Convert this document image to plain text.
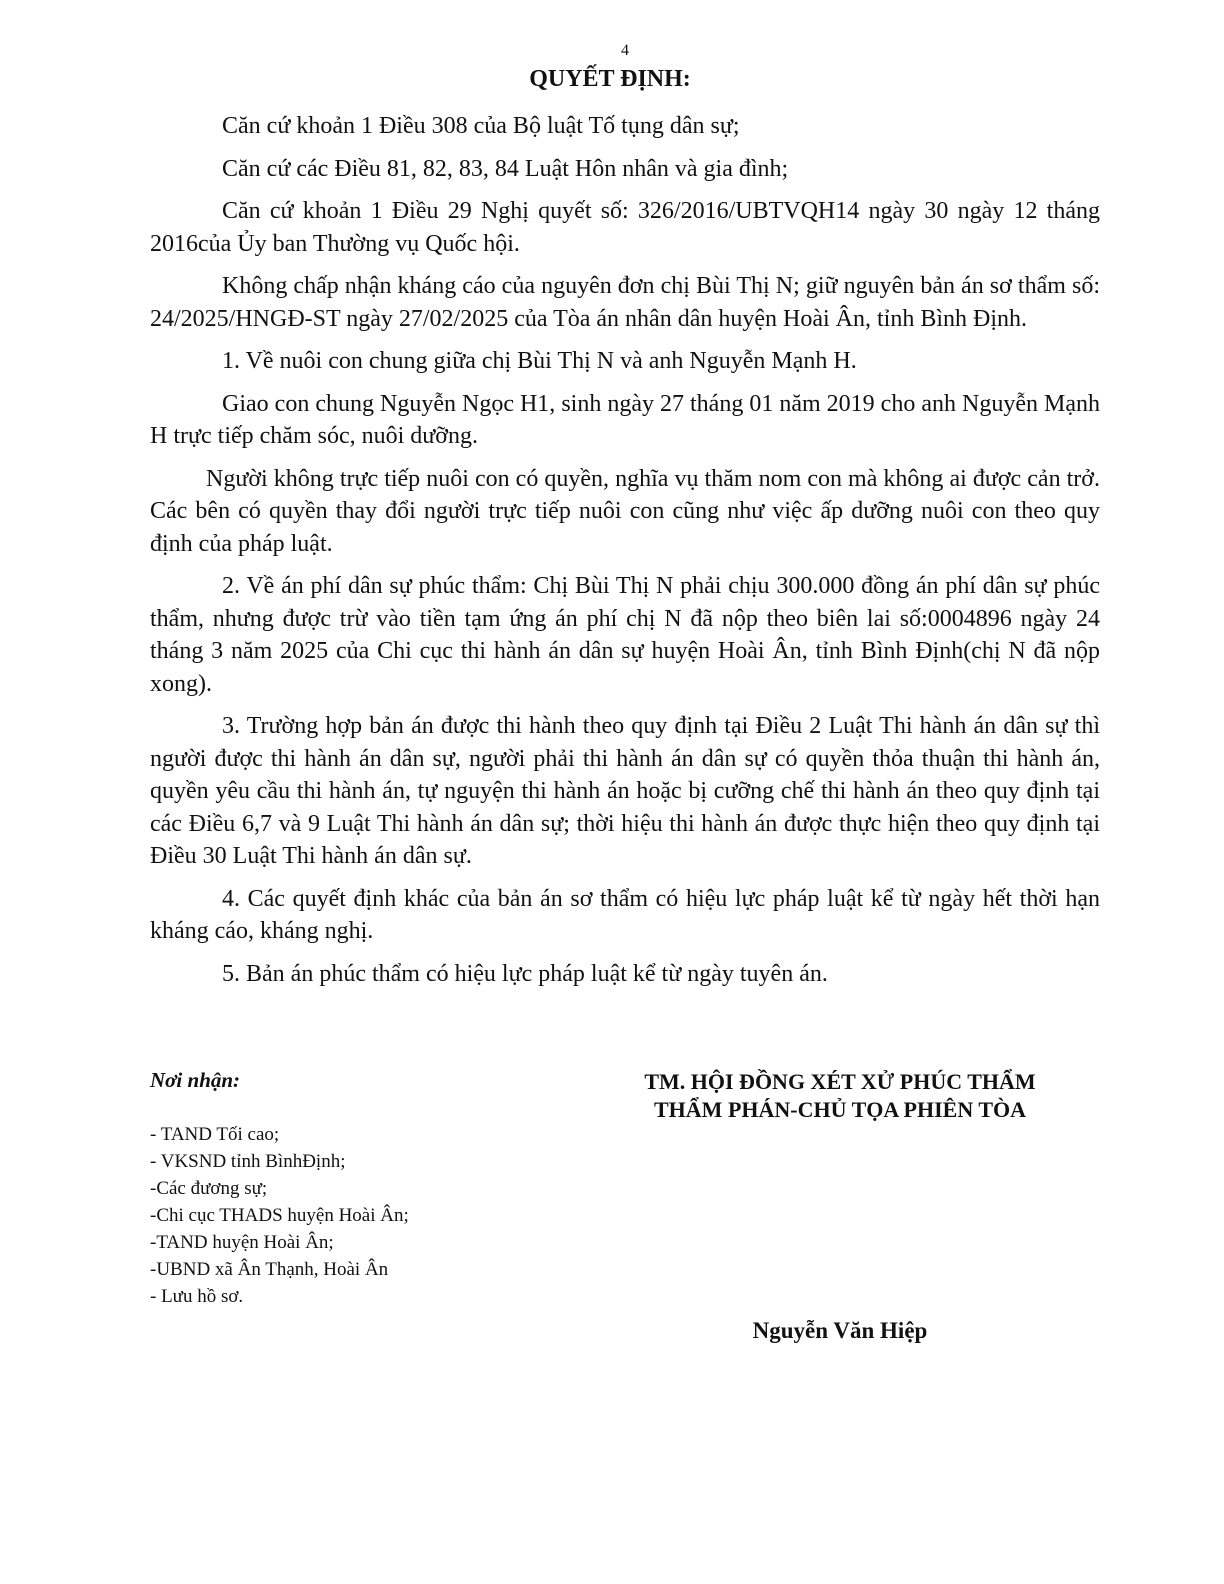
4
QUYẾT ĐỊNH:

Căn cứ khoản 1 Điều 308 của Bộ luật Tố tụng dân sự;

Căn cứ các Điều 81, 82, 83, 84 Luật Hôn nhân và gia đình;

Căn cứ khoản 1 Điều 29 Nghị quyết số: 326/2016/UBTVQH14 ngày 30 ngày 12 tháng 2016của Ủy ban Thường vụ Quốc hội.

Không chấp nhận kháng cáo của nguyên đơn chị Bùi Thị N; giữ nguyên bản án sơ thẩm số: 24/2025/HNGĐ-ST ngày 27/02/2025 của Tòa án nhân dân huyện Hoài Ân, tỉnh Bình Định.

1. Về nuôi con chung giữa chị Bùi Thị N và anh Nguyễn Mạnh H.

Giao con chung Nguyễn Ngọc H1, sinh ngày 27 tháng 01 năm 2019 cho anh Nguyễn Mạnh H trực tiếp chăm sóc, nuôi dưỡng.

Người không trực tiếp nuôi con có quyền, nghĩa vụ thăm nom con mà không ai được cản trở. Các bên có quyền thay đổi người trực tiếp nuôi con cũng như việc ấp dưỡng nuôi con theo quy định của pháp luật.

2. Về án phí dân sự phúc thẩm: Chị Bùi Thị N phải chịu 300.000 đồng án phí dân sự phúc thẩm, nhưng được trừ vào tiền tạm ứng án phí chị N đã nộp theo biên lai số:0004896 ngày 24 tháng 3 năm 2025 của Chi cục thi hành án dân sự huyện Hoài Ân, tỉnh Bình Định(chị N đã nộp xong).

3. Trường hợp bản án được thi hành theo quy định tại Điều 2 Luật Thi hành án dân sự thì người được thi hành án dân sự, người phải thi hành án dân sự có quyền thỏa thuận thi hành án, quyền yêu cầu thi hành án, tự nguyện thi hành án hoặc bị cưỡng chế thi hành án theo quy định tại các Điều 6,7 và 9 Luật Thi hành án dân sự; thời hiệu thi hành án được thực hiện theo quy định tại Điều 30 Luật Thi hành án dân sự.

4. Các quyết định khác của bản án sơ thẩm có hiệu lực pháp luật kể từ ngày hết thời hạn kháng cáo, kháng nghị.

5. Bản án phúc thẩm có hiệu lực pháp luật kể từ ngày tuyên án.

Nơi nhận:
- TAND Tối cao;
- VKSND tỉnh BìnhĐịnh;
-Các đương sự;
-Chi cục THADS huyện Hoài Ân;
-TAND huyện Hoài Ân;
-UBND xã Ân Thạnh, Hoài Ân
- Lưu hồ sơ.
TM. HỘI ĐỒNG XÉT XỬ PHÚC THẨM
THẨM PHÁN-CHỦ TỌA PHIÊN TÒA
Nguyễn Văn Hiệp
